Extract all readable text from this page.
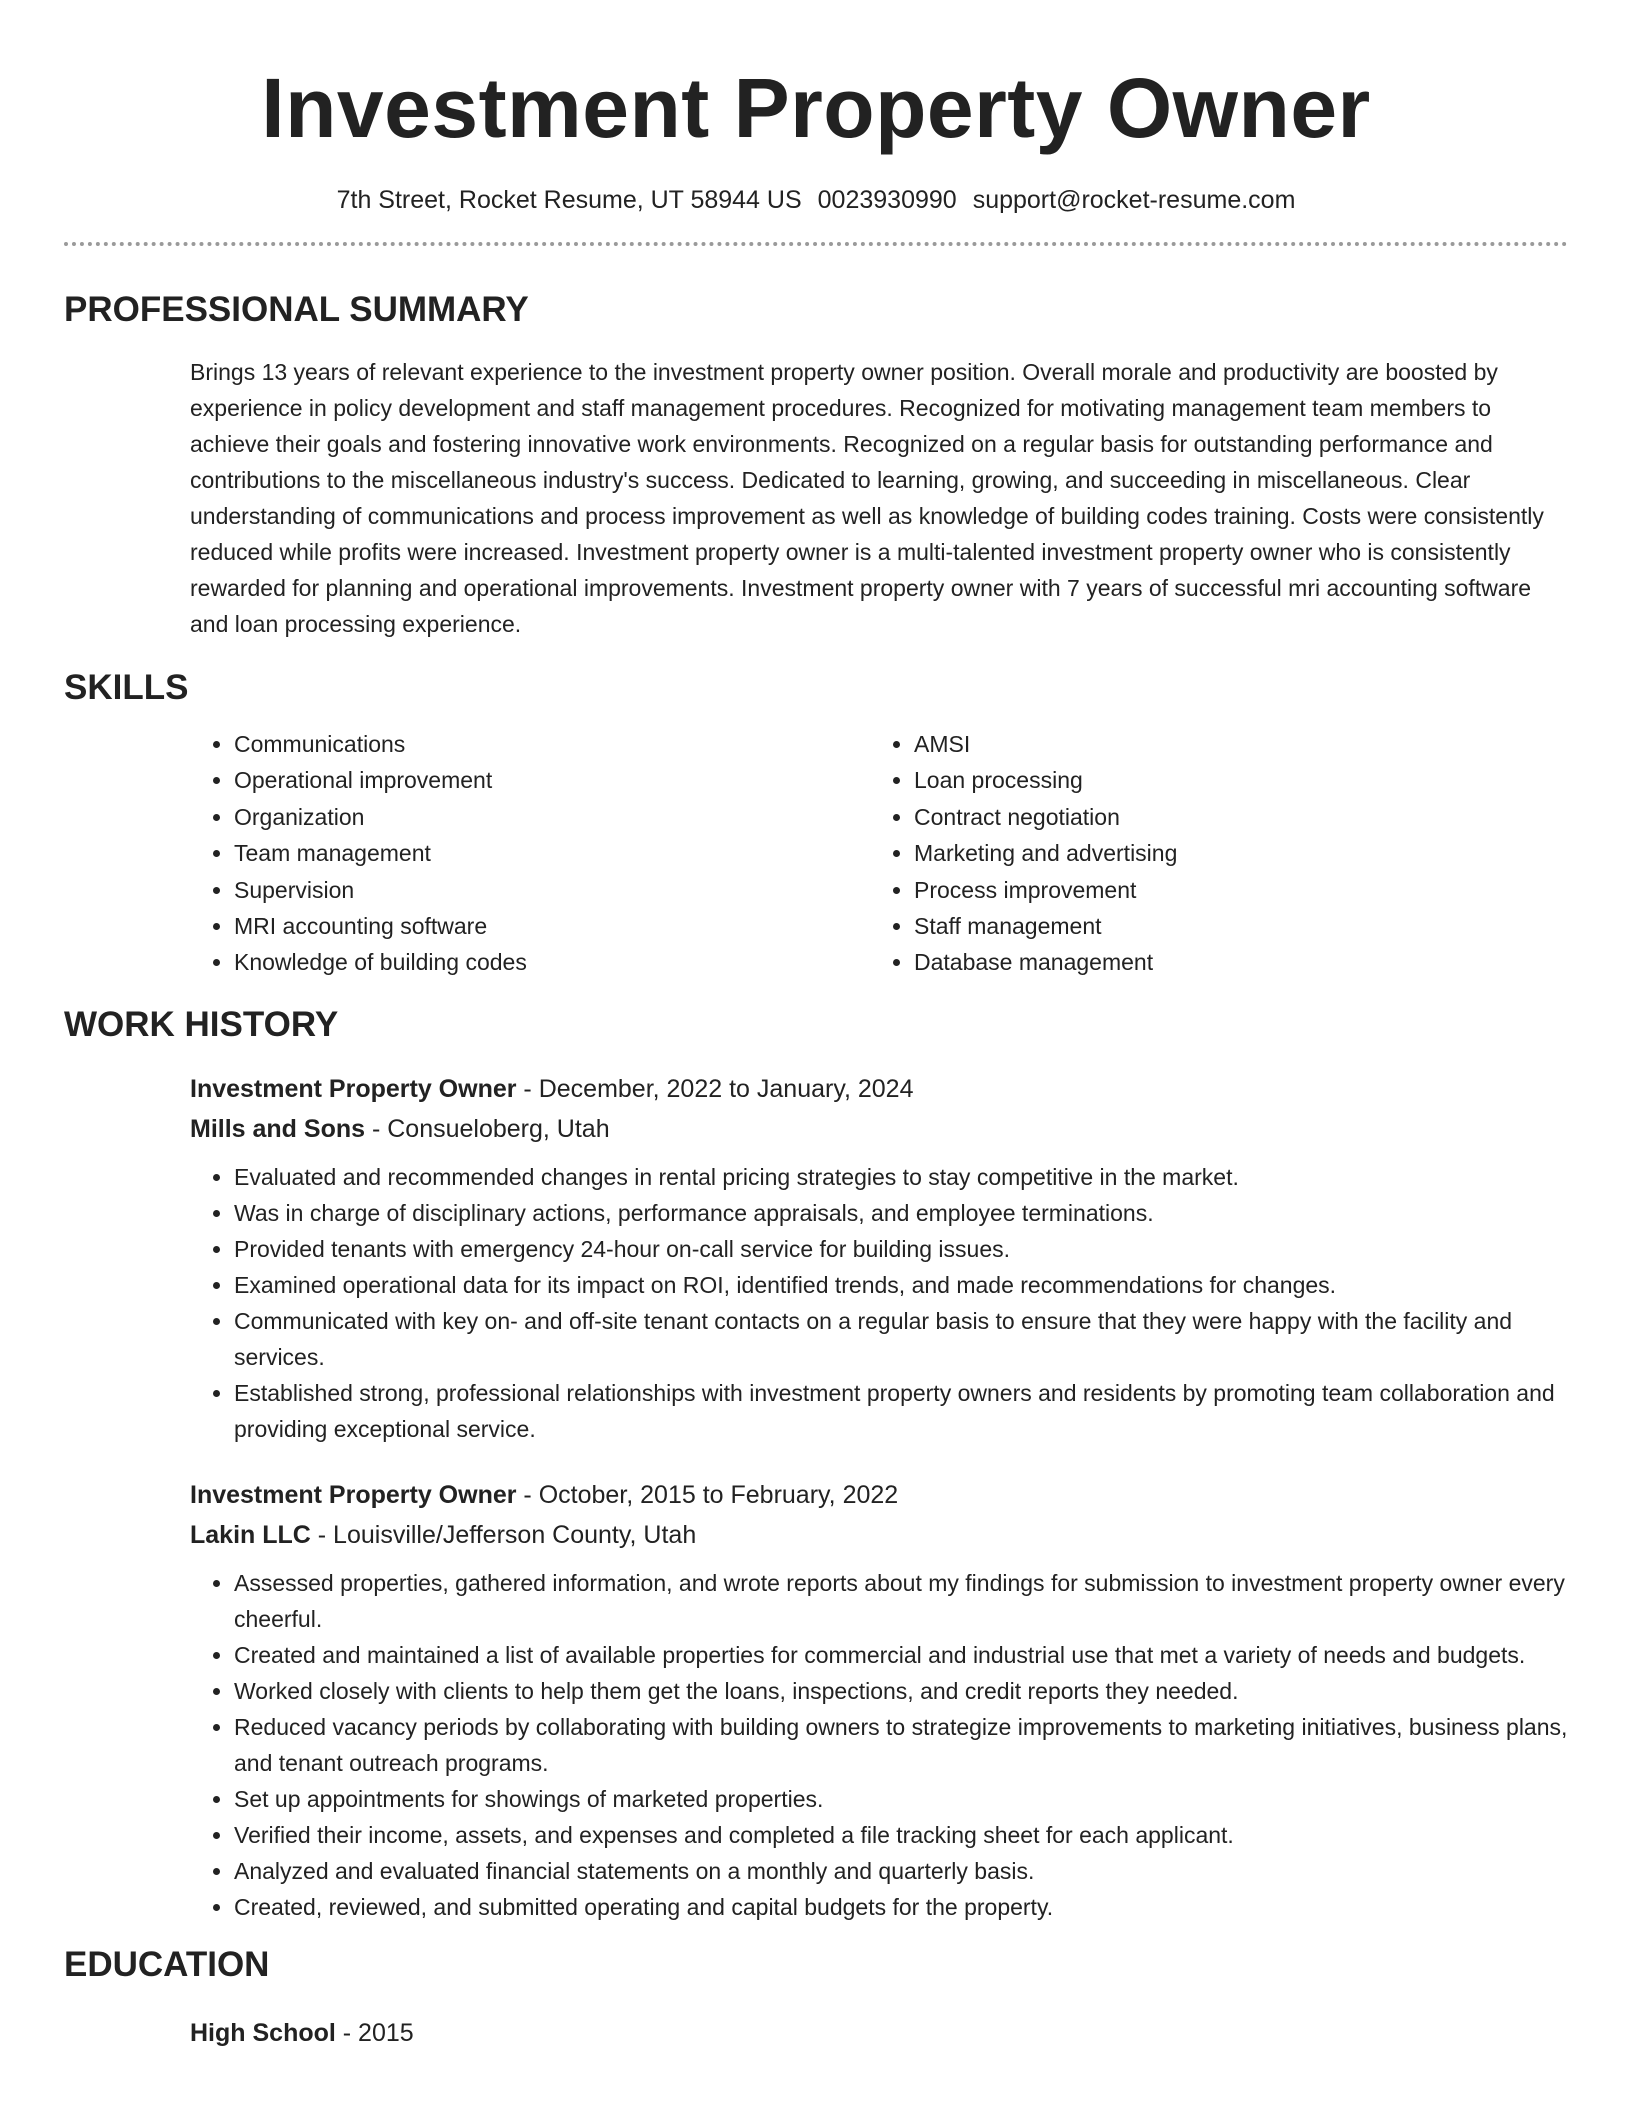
Investment Property Owner
7th Street, Rocket Resume, UT 58944 US 0023930990 support@rocket-resume.com
PROFESSIONAL SUMMARY

Brings 13 years of relevant experience to the investment property owner position. Overall morale and productivity are boosted by experience in policy development and staff management procedures. Recognized for motivating management team members to achieve their goals and fostering innovative work environments. Recognized on a regular basis for outstanding performance and contributions to the miscellaneous industry's success. Dedicated to learning, growing, and succeeding in miscellaneous. Clear understanding of communications and process improvement as well as knowledge of building codes training. Costs were consistently reduced while profits were increased. Investment property owner is a multi-talented investment property owner who is consistently rewarded for planning and operational improvements. Investment property owner with 7 years of successful mri accounting software and loan processing experience.

SKILLS
• Communications
• Operational improvement
• Organization
• Team management
• Supervision
• MRI accounting software
• Knowledge of building codes
• AMSI
• Loan processing
• Contract negotiation
• Marketing and advertising
• Process improvement
• Staff management
• Database management
WORK HISTORY
Investment Property Owner - December, 2022 to January, 2024
Mills and Sons - Consueloberg, Utah
• Evaluated and recommended changes in rental pricing strategies to stay competitive in the market.
• Was in charge of disciplinary actions, performance appraisals, and employee terminations.
• Provided tenants with emergency 24-hour on-call service for building issues.
• Examined operational data for its impact on ROI, identified trends, and made recommendations for changes.
• Communicated with key on- and off-site tenant contacts on a regular basis to ensure that they were happy with the facility and services.
• Established strong, professional relationships with investment property owners and residents by promoting team collaboration and providing exceptional service.
Investment Property Owner - October, 2015 to February, 2022
Lakin LLC - Louisville/Jefferson County, Utah
• Assessed properties, gathered information, and wrote reports about my findings for submission to investment property owner every cheerful.
• Created and maintained a list of available properties for commercial and industrial use that met a variety of needs and budgets.
• Worked closely with clients to help them get the loans, inspections, and credit reports they needed.
• Reduced vacancy periods by collaborating with building owners to strategize improvements to marketing initiatives, business plans, and tenant outreach programs.
• Set up appointments for showings of marketed properties.
• Verified their income, assets, and expenses and completed a file tracking sheet for each applicant.
• Analyzed and evaluated financial statements on a monthly and quarterly basis.
• Created, reviewed, and submitted operating and capital budgets for the property.
EDUCATION
High School - 2015
